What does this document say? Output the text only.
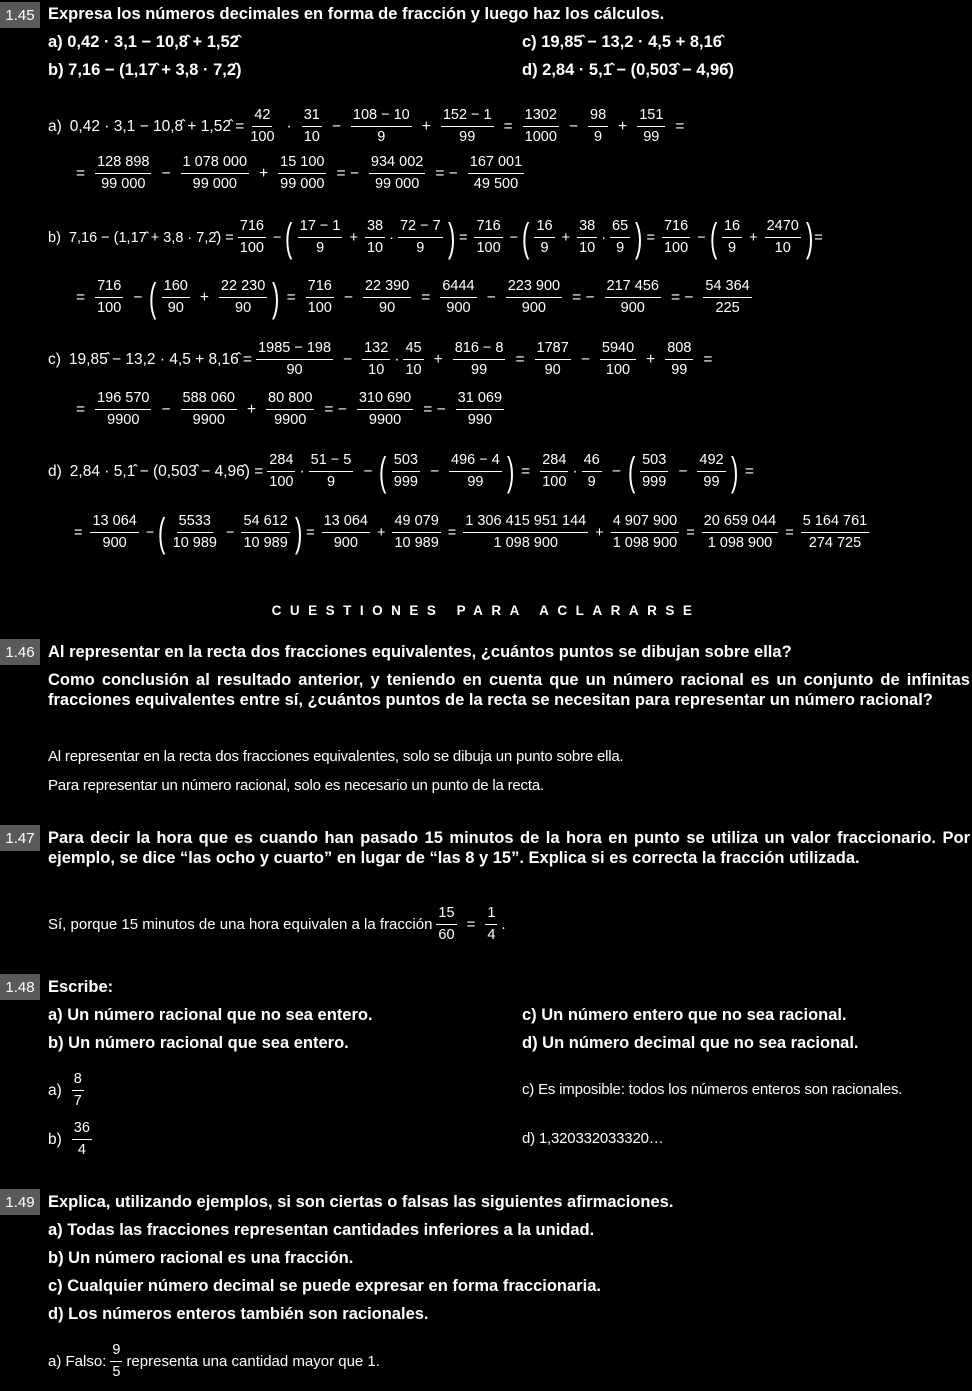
1.45 Expresa los números decimales en forma de fracción y luego haz los cálculos.
a) 0,42 · 3,1 − 10,8̂ + 1,52̂
b) 7,16 − (1,17̂ + 3,8 · 7,2̂)
c) 19,85̂ − 13,2 · 4,5 + 8,16̂
d) 2,84 · 5,1̂ − (0,503̂ − 4,96̂)
a) 0,42 · 3,1 − 10,8̂ + 1,52̂ = $\frac{42}{100} \cdot \frac{31}{10} - \frac{108 - 10}{9} + \frac{152 - 1}{99} = \frac{1302}{1000} - \frac{98}{9} + \frac{151}{99}$ =
= $\frac{128 898}{99 000} - \frac{1 078 000}{99 000} + \frac{15 100}{99 000}$ = − $\frac{934 002}{99 000}$ = − $\frac{167 001}{49 500}$
b) 7,16 − (1,17̂ + 3,8 · 7,2̂) = $\frac{716}{100}$ − ( $\frac{17 - 1}{9} + \frac{38}{10} \cdot \frac{72 - 7}{9}$ ) = $\frac{716}{100}$ − ( $\frac{16}{9} + \frac{38}{10} \cdot \frac{65}{9}$ ) = $\frac{716}{100}$ − ( $\frac{16}{9} + \frac{2470}{10}$ ) =
= $\frac{716}{100}$ − ( $\frac{160}{90} + \frac{22 230}{90}$ ) = $\frac{716}{100} - \frac{22 390}{90} = \frac{6444}{900} - \frac{223 900}{900}$ = − $\frac{217 456}{900}$ = − $\frac{54 364}{225}$
c) 19,85̂ − 13,2 · 4,5 + 8,16̂ = $\frac{1985 - 198}{90} - \frac{132}{10} \cdot \frac{45}{10} + \frac{816 - 8}{99} = \frac{1787}{90} - \frac{5940}{100} + \frac{808}{99}$ =
= $\frac{196 570}{9900} - \frac{588 060}{9900} + \frac{80 800}{9900}$ = − $\frac{310 690}{9900}$ = − $\frac{31 069}{990}$
d) 2,84 · 5,1̂ − (0,503̂ − 4,96̂) = $\frac{284}{100} \cdot \frac{51 - 5}{9}$ − ( $\frac{503}{999} - \frac{496 - 4}{99}$ ) = $\frac{284}{100} \cdot \frac{46}{9}$ − ( $\frac{503}{999} - \frac{492}{99}$ ) =
= $\frac{13 064}{900}$ − ( $\frac{5533}{10 989} - \frac{54 612}{10 989}$ ) = $\frac{13 064}{900} + \frac{49 079}{10 989} = \frac{1 306 415 951 144}{1 098 900} + \frac{4 907 900}{1 098 900} = \frac{20 659 044}{1 098 900} = \frac{5 164 761}{274 725}$
CUESTIONES PARA ACLARARSE
1.46 Al representar en la recta dos fracciones equivalentes, ¿cuántos puntos se dibujan sobre ella?
Como conclusión al resultado anterior, y teniendo en cuenta que un número racional es un conjunto de infinitas fracciones equivalentes entre sí, ¿cuántos puntos de la recta se necesitan para representar un número racional?
Al representar en la recta dos fracciones equivalentes, solo se dibuja un punto sobre ella.
Para representar un número racional, solo es necesario un punto de la recta.
1.47 Para decir la hora que es cuando han pasado 15 minutos de la hora en punto se utiliza un valor fraccionario. Por ejemplo, se dice “las ocho y cuarto” en lugar de “las 8 y 15”. Explica si es correcta la fracción utilizada.
Sí, porque 15 minutos de una hora equivalen a la fracción $\frac{15}{60} = \frac{1}{4}$ .
1.48 Escribe:
a) Un número racional que no sea entero.
b) Un número racional que sea entero.
c) Un número entero que no sea racional.
d) Un número decimal que no sea racional.
$a) \frac{8}{7}$
$b) \frac{36}{4}$
c) Es imposible: todos los números enteros son racionales.
d) 1,320332033320…
1.49 Explica, utilizando ejemplos, si son ciertas o falsas las siguientes afirmaciones.
a) Todas las fracciones representan cantidades inferiores a la unidad.
b) Un número racional es una fracción.
c) Cualquier número decimal se puede expresar en forma fraccionaria.
d) Los números enteros también son racionales.
a) Falso: $\frac{9}{5}$ representa una cantidad mayor que 1.
